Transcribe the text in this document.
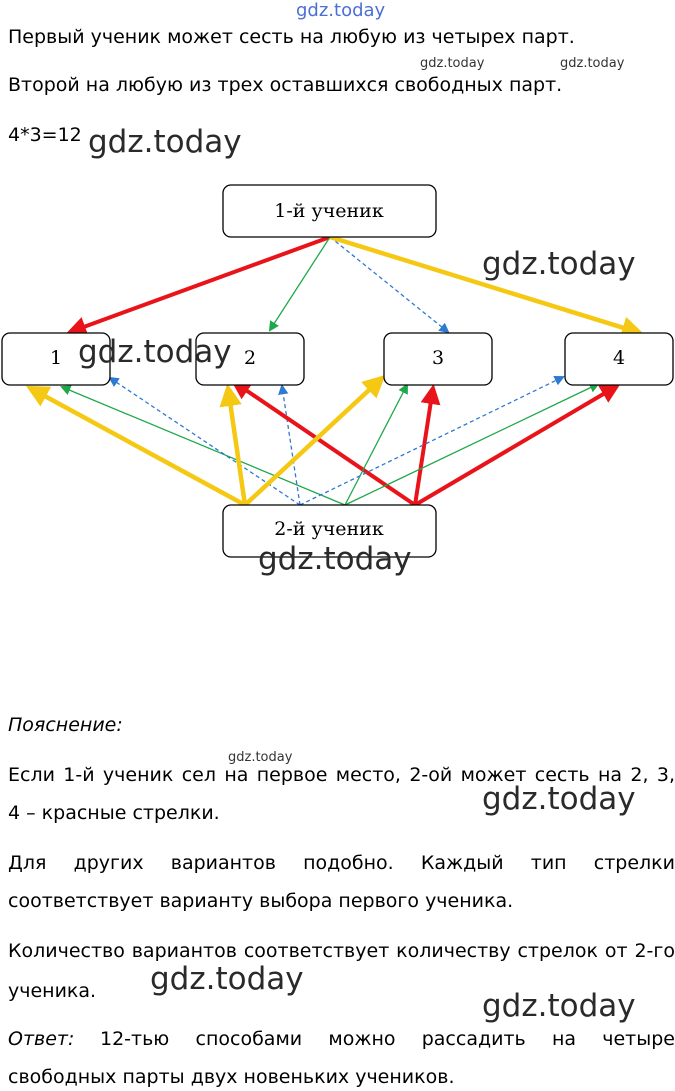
gdz.today
Первый ученик может сесть на любую из четырех парт.
gdz.today	gdz.today
Второй на любую из трех оставшихся свободных парт.
4*3=12 gdz.today
1-й ученик
1	2	3	4
2-й ученик
gdz.today
gdz.today
gdz.today
Пояснение:
gdz.today
Если 1-й ученик сел на первое место, 2-ой может сесть на 2, 3,
4 – красные стрелки.	gdz.today
Для других вариантов подобно. Каждый тип стрелки
соответствует варианту выбора первого ученика.
Количество вариантов соответствует количеству стрелок от 2-го
ученика. gdz.today
gdz.today
Ответ: 12-тью способами можно рассадить на четыре
свободных парты двух новеньких учеников.
